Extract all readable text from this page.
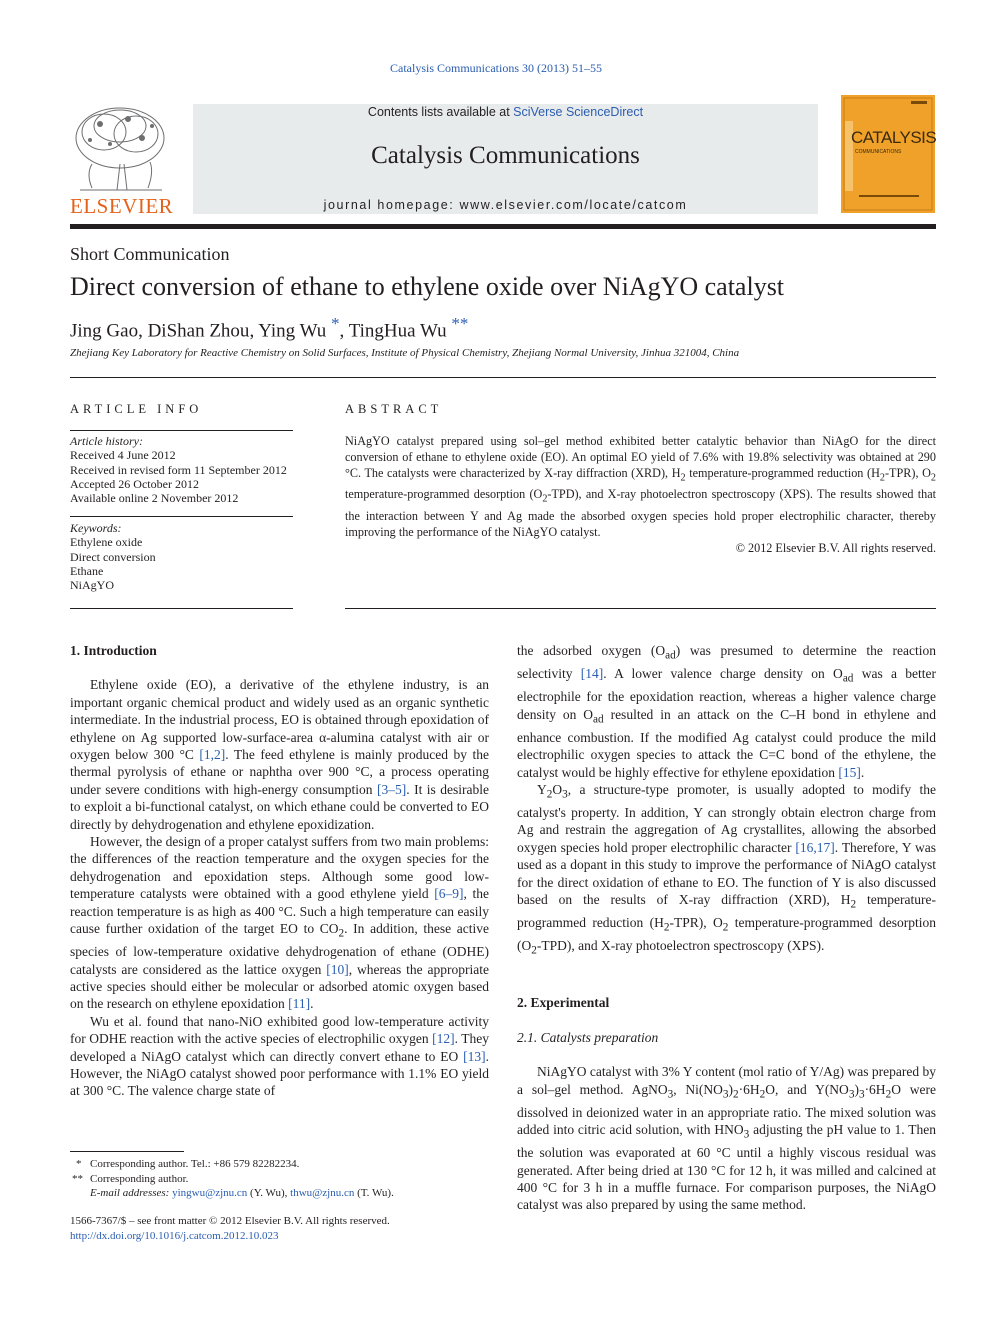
Catalysis Communications 30 (2013) 51–55
ELSEVIER
Contents lists available at SciVerse ScienceDirect
Catalysis Communications
journal homepage: www.elsevier.com/locate/catcom
CATALYSIS
COMMUNICATIONS
Short Communication
Direct conversion of ethane to ethylene oxide over NiAgYO catalyst
Jing Gao, DiShan Zhou, Ying Wu *, TingHua Wu **
Zhejiang Key Laboratory for Reactive Chemistry on Solid Surfaces, Institute of Physical Chemistry, Zhejiang Normal University, Jinhua 321004, China
ARTICLE INFO
Article history:
Received 4 June 2012
Received in revised form 11 September 2012
Accepted 26 October 2012
Available online 2 November 2012
Keywords:
Ethylene oxide
Direct conversion
Ethane
NiAgYO
ABSTRACT

NiAgYO catalyst prepared using sol–gel method exhibited better catalytic behavior than NiAgO for the direct conversion of ethane to ethylene oxide (EO). An optimal EO yield of 7.6% with 19.8% selectivity was obtained at 290 °C. The catalysts were characterized by X-ray diffraction (XRD), $H_2$ temperature-programmed reduction $(H_2-TPR)$, $O_2$ temperature-programmed desorption $(O_2-TPD)$, and X-ray photoelectron spectroscopy (XPS). The results showed that the interaction between Y and Ag made the absorbed oxygen species hold proper electrophilic character, thereby improving the performance of the NiAgYO catalyst.

© 2012 Elsevier B.V. All rights reserved.
1. Introduction

Ethylene oxide (EO), a derivative of the ethylene industry, is an important organic chemical product and widely used as an organic synthetic intermediate. In the industrial process, EO is obtained through epoxidation of ethylene on Ag supported low-surface-area α-alumina catalyst with air or oxygen below 300 °C [1,2]. The feed ethylene is mainly produced by the thermal pyrolysis of ethane or naphtha over 900 °C, a process operating under severe conditions with high-energy consumption [3–5]. It is desirable to exploit a bi-functional catalyst, on which ethane could be converted to EO directly by dehydrogenation and ethylene epoxidization.

However, the design of a proper catalyst suffers from two main problems: the differences of the reaction temperature and the oxygen species for the dehydrogenation and epoxidation steps. Although some good low-temperature catalysts were obtained with a good ethylene yield [6–9], the reaction temperature is as high as 400 °C. Such a high temperature can easily cause further oxidation of the target EO to $CO_2$. In addition, these active species of low-temperature oxidative dehydrogenation of ethane (ODHE) catalysts are considered as the lattice oxygen [10], whereas the appropriate active species should either be molecular or adsorbed atomic oxygen based on the research on ethylene epoxidation [11].

Wu et al. found that nano-NiO exhibited good low-temperature activity for ODHE reaction with the active species of electrophilic oxygen [12]. They developed a NiAgO catalyst which can directly convert ethane to EO [13]. However, the NiAgO catalyst showed poor performance with 1.1% EO yield at 300 °C. The valence charge state of

* Corresponding author. Tel.: +86 579 82282234.
** Corresponding author.
E-mail addresses: yingwu@zjnu.cn (Y. Wu), thwu@zjnu.cn (T. Wu).
1566-7367/$ – see front matter © 2012 Elsevier B.V. All rights reserved.
http://dx.doi.org/10.1016/j.catcom.2012.10.023

the adsorbed oxygen $(O_{ad})$ was presumed to determine the reaction selectivity [14]. A lower valence charge density on $O_{ad}$ was a better electrophile for the epoxidation reaction, whereas a higher valence charge density on $O_{ad}$ resulted in an attack on the C–H bond in ethylene and enhance combustion. If the modified Ag catalyst could produce the mild electrophilic oxygen species to attack the C=C bond of the ethylene, the catalyst would be highly effective for ethylene epoxidation [15].

$Y_2O_3$, a structure-type promoter, is usually adopted to modify the catalyst's property. In addition, Y can strongly obtain electron charge from Ag and restrain the aggregation of Ag crystallites, allowing the absorbed oxygen species hold proper electrophilic character [16,17]. Therefore, Y was used as a dopant in this study to improve the performance of NiAgO catalyst for the direct oxidation of ethane to EO. The function of Y is also discussed based on the results of X-ray diffraction (XRD), $H_2$ temperature-programmed reduction $(H_2-TPR)$, $O_2$ temperature-programmed desorption $(O_2-TPD)$, and X-ray photoelectron spectroscopy (XPS).

2. Experimental
2.1. Catalysts preparation

NiAgYO catalyst with 3% Y content (mol ratio of Y/Ag) was prepared by a sol–gel method. AgNO$_3$, $Ni(NO_3)_2\cdot 6H_2O$, and $Y(NO_3)_3\cdot 6H_2O$ were dissolved in deionized water in an appropriate ratio. The mixed solution was added into citric acid solution, with $HNO_3$ adjusting the pH value to 1. Then the solution was evaporated at 60 °C until a highly viscous residual was generated. After being dried at 130 °C for 12 h, it was milled and calcined at 400 °C for 3 h in a muffle furnace. For comparison purposes, the NiAgO catalyst was also prepared by using the same method.
